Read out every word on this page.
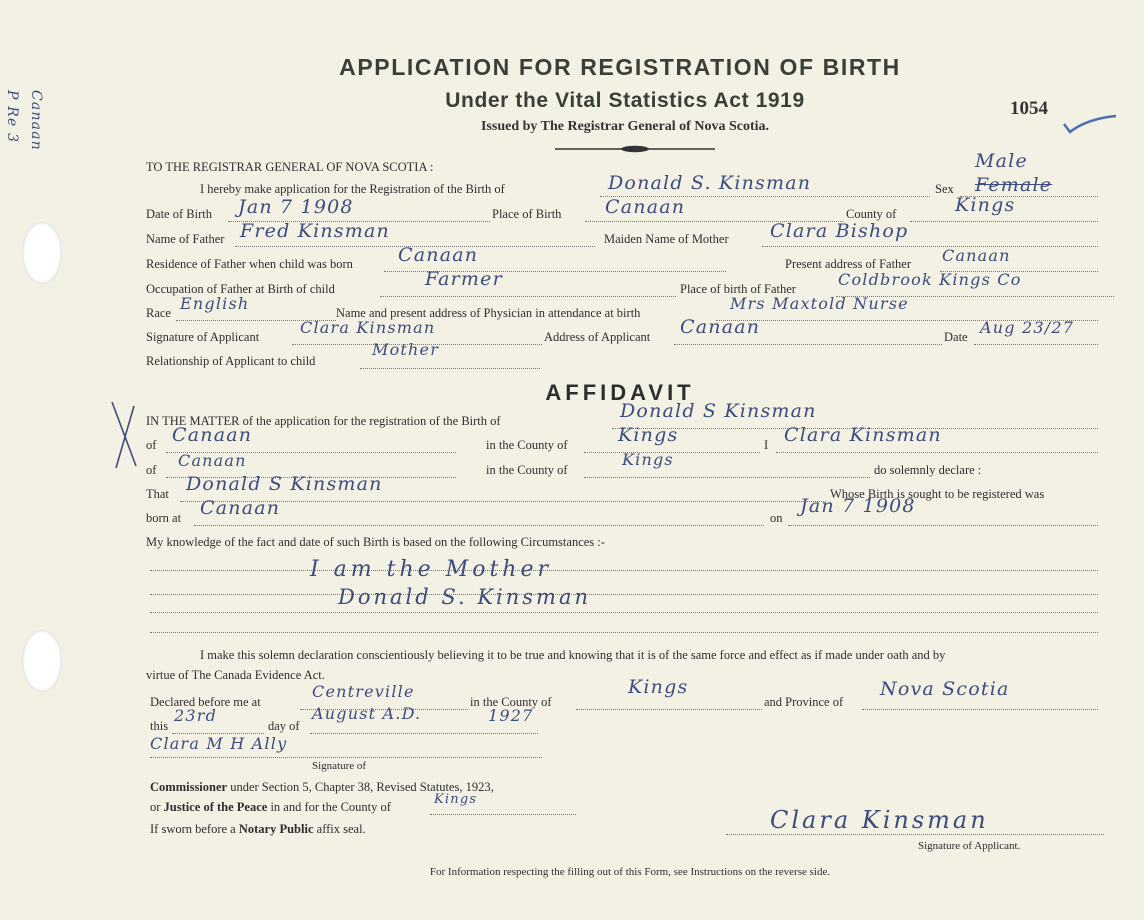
P Re 3 Canaan
APPLICATION FOR REGISTRATION OF BIRTH
Under the Vital Statistics Act 1919
Issued by The Registrar General of Nova Scotia.
1054
TO THE REGISTRAR GENERAL OF NOVA SCOTIA :
I hereby make application for the Registration of the Birth of	Donald S. Kinsman	Sex
Male
Female
Date of Birth Jan 7 1908	Place of Birth Canaan	County of	Kings
Name of Father Fred Kinsman	Maiden Name of Mother Clara Bishop
Residence of Father when child was born Canaan	Present address of Father Canaan
Occupation of Father at Birth of child	Farmer	Place of birth of Father	Coldbrook Kings Co
Race English	Name and present address of Physician in attendance at birth	Mrs Maxtold Nurse
Signature of Applicant	Clara Kinsman	Address of Applicant Canaan	Date Aug 23/27
Relationship of Applicant to child
Mother
AFFIDAVIT
IN THE MATTER of the application for the registration of the Birth of	Donald S Kinsman
of Canaan	in the County of	Kings	I Clara Kinsman
of Canaan	in the County of
Kings
do solemnly declare :
That Donald S Kinsman	Whose Birth is sought to be registered was
born at Canaan	on
Jan 7 1908
My knowledge of the fact and date of such Birth is based on the following Circumstances :-
I am the Mother
Donald S. Kinsman
I make this solemn declaration conscientiously believing it to be true and knowing that it is of the same force and effect as if made under oath and by
virtue of The Canada Evidence Act.
Declared before me at
Centreville
in the County of
Kings
and Province of
Nova Scotia
this
23rd
day of
August A.D.	1927
Clara M H Ally
Signature of
Commissioner under Section 5, Chapter 38, Revised Statutes, 1923,
or Justice of the Peace in and for the County of	Kings
If sworn before a Notary Public affix seal.	Clara Kinsman
Signature of Applicant.
For Information respecting the filling out of this Form, see Instructions on the reverse side.
